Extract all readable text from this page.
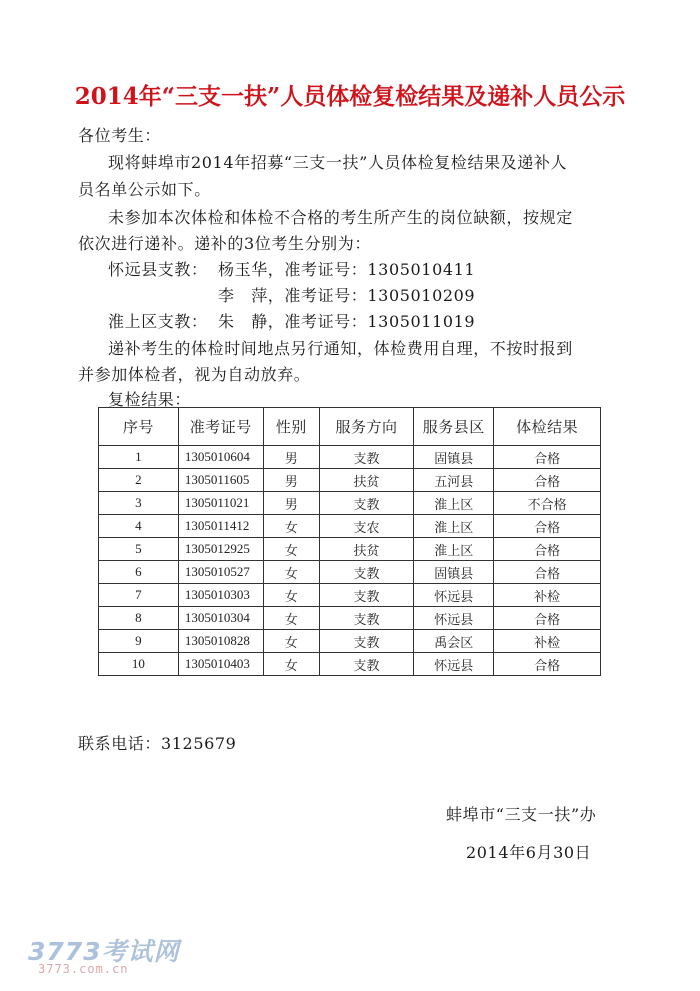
2014年“三支一扶”人员体检复检结果及递补人员公示
各位考生：
现将蚌埠市2014年招募“三支一扶”人员体检复检结果及递补人
员名单公示如下。
未参加本次体检和体检不合格的考生所产生的岗位缺额，按规定
依次进行递补。递补的3位考生分别为：
怀远县支教： 杨玉华，准考证号：1305010411
李　萍，准考证号：1305010209
淮上区支教： 朱　静，准考证号：1305011019
递补考生的体检时间地点另行通知，体检费用自理，不按时报到
并参加体检者，视为自动放弃。
复检结果：
序号	准考证号	性别	服务方向	服务县区	体检结果
1	1305010604	男	支教	固镇县	合格
2	1305011605	男	扶贫	五河县	合格
3	1305011021	男	支教	淮上区	不合格
4	1305011412	女	支农	淮上区	合格
5	1305012925	女	扶贫	淮上区	合格
6	1305010527	女	支教	固镇县	合格
7	1305010303	女	支教	怀远县	补检
8	1305010304	女	支教	怀远县	合格
9	1305010828	女	支教	禹会区	补检
10	1305010403	女	支教	怀远县	合格
联系电话：3125679
蚌埠市“三支一扶”办
2014年6月30日
3773考试网
3773.com.cn
